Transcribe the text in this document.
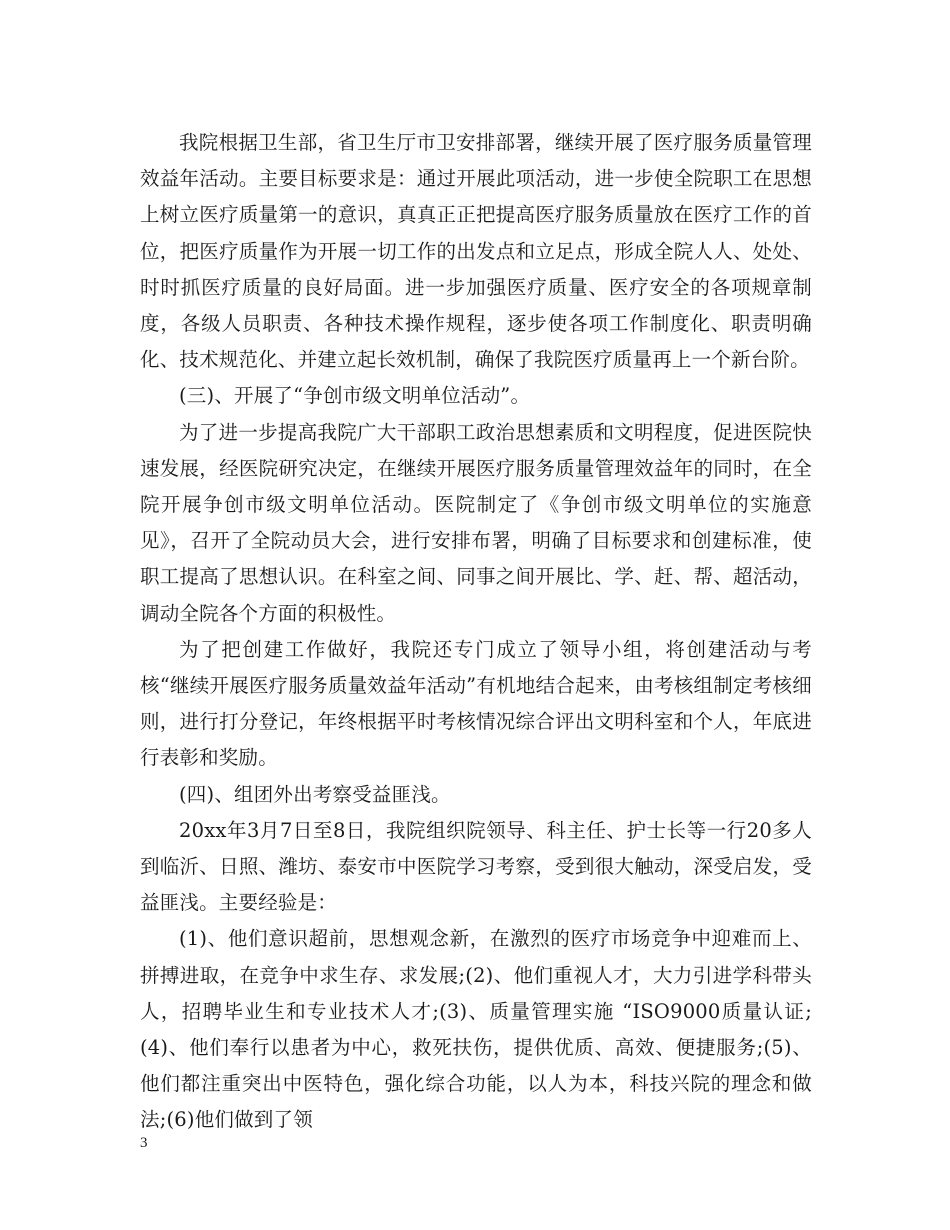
我院根据卫生部，省卫生厅市卫安排部署，继续开展了医疗服务质量管理效益年活动。主要目标要求是：通过开展此项活动，进一步使全院职工在思想上树立医疗质量第一的意识，真真正正把提高医疗服务质量放在医疗工作的首位，把医疗质量作为开展一切工作的出发点和立足点，形成全院人人、处处、时时抓医疗质量的良好局面。进一步加强医疗质量、医疗安全的各项规章制度，各级人员职责、各种技术操作规程，逐步使各项工作制度化、职责明确化、技术规范化、并建立起长效机制，确保了我院医疗质量再上一个新台阶。

(三)、开展了“争创市级文明单位活动”。

为了进一步提高我院广大干部职工政治思想素质和文明程度，促进医院快速发展，经医院研究决定，在继续开展医疗服务质量管理效益年的同时，在全院开展争创市级文明单位活动。医院制定了《争创市级文明单位的实施意见》，召开了全院动员大会，进行安排布署，明确了目标要求和创建标准，使职工提高了思想认识。在科室之间、同事之间开展比、学、赶、帮、超活动，调动全院各个方面的积极性。

为了把创建工作做好，我院还专门成立了领导小组，将创建活动与考核“继续开展医疗服务质量效益年活动”有机地结合起来，由考核组制定考核细则，进行打分登记，年终根据平时考核情况综合评出文明科室和个人，年底进行表彰和奖励。

(四)、组团外出考察受益匪浅。

20xx年3月7日至8日，我院组织院领导、科主任、护士长等一行20多人到临沂、日照、潍坊、泰安市中医院学习考察，受到很大触动，深受启发，受益匪浅。主要经验是：

(1)、他们意识超前，思想观念新，在激烈的医疗市场竞争中迎难而上、拼搏进取，在竞争中求生存、求发展;(2)、他们重视人才，大力引进学科带头人，招聘毕业生和专业技术人才;(3)、质量管理实施 “ISO9000质量认证;(4)、他们奉行以患者为中心，救死扶伤，提供优质、高效、便捷服务;(5)、他们都注重突出中医特色，强化综合功能，以人为本，科技兴院的理念和做法;(6)他们做到了领

3
